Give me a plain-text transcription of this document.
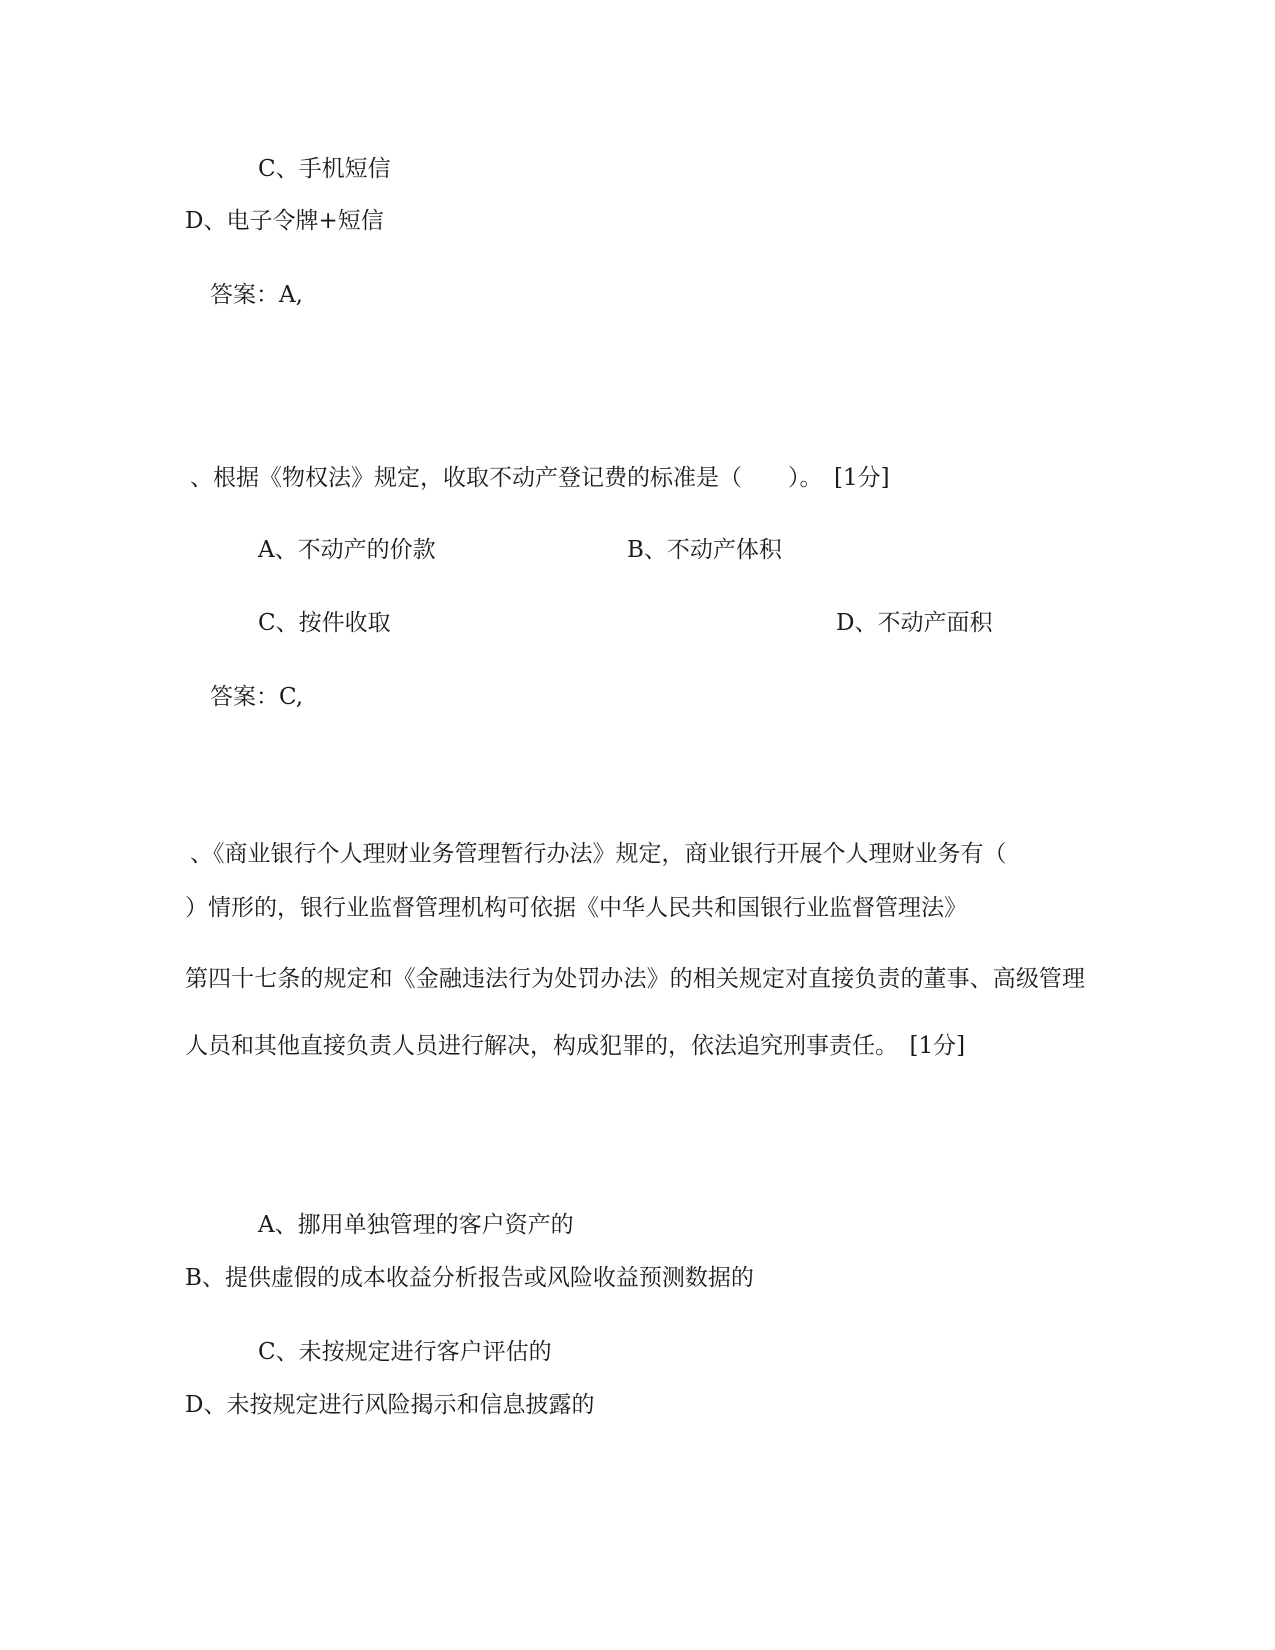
C、手机短信
D、电子令牌+短信
答案：A,
、根据《物权法》规定，收取不动产登记费的标准是（　　）。　[1分]
A、不动产的价款	B、不动产体积
C、按件收取	D、不动产面积
答案：C,
、《商业银行个人理财业务管理暂行办法》规定，商业银行开展个人理财业务有（
）情形的，银行业监督管理机构可依据《中华人民共和国银行业监督管理法》
第四十七条的规定和《金融违法行为处罚办法》的相关规定对直接负责的董事、高级管理人员和其他直接负责人员进行解决，构成犯罪的，依法追究刑事责任。　[1分]
A、挪用单独管理的客户资产的
B、提供虚假的成本收益分析报告或风险收益预测数据的
C、未按规定进行客户评估的
D、未按规定进行风险揭示和信息披露的
